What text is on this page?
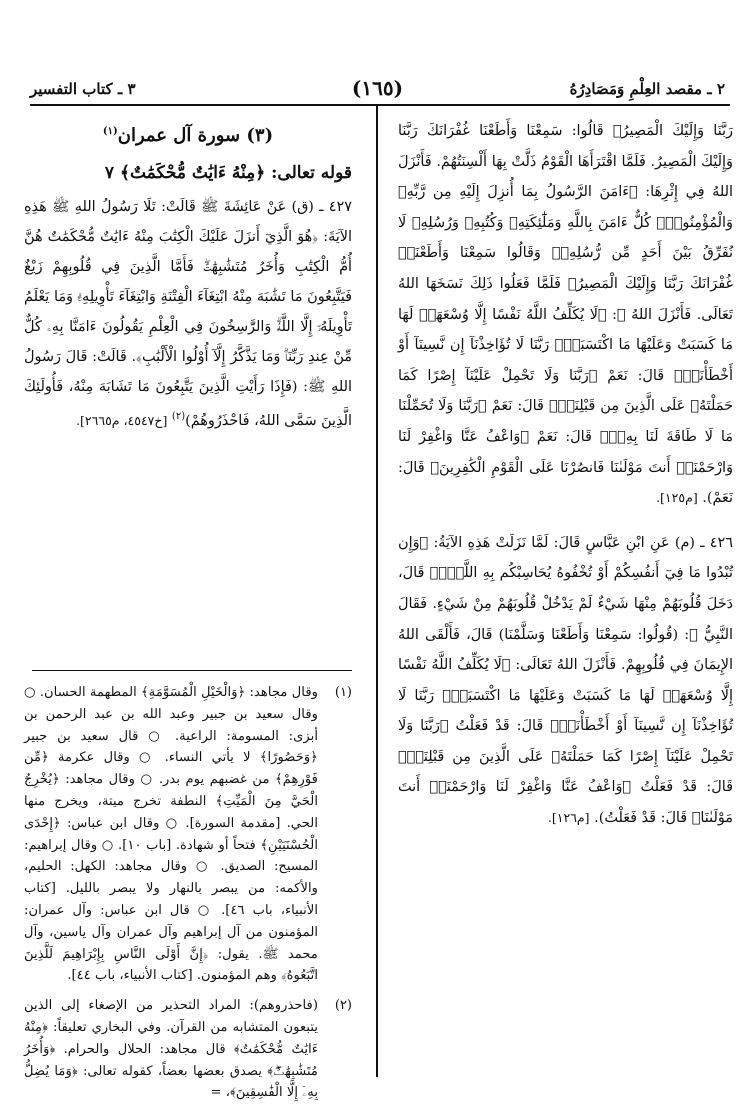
٢ ـ مقصد العِلْمِ وَمَصَادِرُهُ
(١٦٥)
٣ ـ كتاب التفسير

رَبَّنَا وَإِلَيْكَ الْمَصِيرُ﴾ قَالُوا: سَمِعْنَا وَأَطَعْنَا غُفْرَانَكَ رَبَّنَا وَإِلَيْكَ الْمَصِيرُ. فَلَمَّا اقْتَرَأَهَا الْقَوْمُ ذَلَّتْ بِهَا أَلْسِنَتُهُمْ. فَأَنْزَلَ اللهُ فِي إِثْرِهَا: ﴿ءَامَنَ الرَّسُولُ بِمَا أُنزِلَ إِلَيْهِ مِن رَّبِّهِۦ وَالْمُؤْمِنُونَۚ كُلٌّ ءَامَنَ بِاللَّهِ وَمَلَٰٓئِكَتِهِۦ وَكُتُبِهِۦ وَرُسُلِهِۦ لَا نُفَرِّقُ بَيْنَ أَحَدٍ مِّن رُّسُلِهِۦۚ وَقَالُوا سَمِعْنَا وَأَطَعْنَاۖ غُفْرَانَكَ رَبَّنَا وَإِلَيْكَ الْمَصِيرُ﴾ فَلَمَّا فَعَلُوا ذَلِكَ نَسَخَهَا اللهُ تَعَالَى. فَأَنْزَلَ اللهُ ﷺ: ﴿لَا يُكَلِّفُ اللَّهُ نَفْسًا إِلَّا وُسْعَهَاۚ لَهَا مَا كَسَبَتْ وَعَلَيْهَا مَا اكْتَسَبَتْۗ رَبَّنَا لَا تُؤَاخِذْنَآ إِن نَّسِينَآ أَوْ أَخْطَأْنَاۚ﴾ قَالَ: نَعَمْ ﴿رَبَّنَا وَلَا تَحْمِلْ عَلَيْنَآ إِصْرًا كَمَا حَمَلْتَهُۥ عَلَى الَّذِينَ مِن قَبْلِنَاۚ﴾ قَالَ: نَعَمْ ﴿رَبَّنَا وَلَا تُحَمِّلْنَا مَا لَا طَاقَةَ لَنَا بِهِۦۖ﴾ قَالَ: نَعَمْ ﴿وَاعْفُ عَنَّا وَاغْفِرْ لَنَا وَارْحَمْنَآۚ أَنتَ مَوْلَىٰنَا فَانصُرْنَا عَلَى الْقَوْمِ الْكَٰفِرِينَ﴾ قَالَ: نَعَمْ). [م١٢٥].

٤٢٦ ـ (م) عَنِ ابْنِ عَبَّاسٍ قَالَ: لَمَّا نَزَلَتْ هَذِهِ الآيَةُ: ﴿وَإِن تُبْدُوا مَا فِيٓ أَنفُسِكُمْ أَوْ تُخْفُوهُ يُحَاسِبْكُم بِهِ اللَّهُۖ﴾ قَالَ، دَخَلَ قُلُوبَهُمْ مِنْهَا شَيْءٌ لَمْ يَدْخُلْ قُلُوبَهُمْ مِنْ شَيْءٍ. فَقَالَ النَّبِيُّ ﷺ: (قُولُوا: سَمِعْنَا وَأَطَعْنَا وَسَلَّمْنَا) قَالَ، فَأَلْقَى اللهُ الإِيمَانَ فِي قُلُوبِهِمْ. فَأَنْزَلَ اللهُ تَعَالَى: ﴿لَا يُكَلِّفُ اللَّهُ نَفْسًا إِلَّا وُسْعَهَاۚ لَهَا مَا كَسَبَتْ وَعَلَيْهَا مَا اكْتَسَبَتْۗ رَبَّنَا لَا تُؤَاخِذْنَآ إِن نَّسِينَآ أَوْ أَخْطَأْنَاۚ﴾ قَالَ: قَدْ فَعَلْتُ ﴿رَبَّنَا وَلَا تَحْمِلْ عَلَيْنَآ إِصْرًا كَمَا حَمَلْتَهُۥ عَلَى الَّذِينَ مِن قَبْلِنَاۚ﴾ قَالَ: قَدْ فَعَلْتُ ﴿وَاعْفُ عَنَّا وَاغْفِرْ لَنَا وَارْحَمْنَآۚ أَنتَ مَوْلَىٰنَا﴾ قَالَ: قَدْ فَعَلْتُ). [م١٢٦].

(٣) سورة آل عمران$^{(١)}$

قوله تعالى: ﴿مِنْهُ ءَايَٰتٌ مُّحْكَمَٰتٌ﴾ ٧

٤٢٧ ـ (ق) عَنْ عَائِشَةَ ﷺ قَالَتْ: تَلَا رَسُولُ اللهِ ﷺ هَذِهِ الآيَةَ: ﴿هُوَ الَّذِيٓ أَنزَلَ عَلَيْكَ الْكِتَٰبَ مِنْهُ ءَايَٰتٌ مُّحْكَمَٰتٌ هُنَّ أُمُّ الْكِتَٰبِ وَأُخَرُ مُتَشَٰبِهَٰتٌۖ فَأَمَّا الَّذِينَ فِي قُلُوبِهِمْ زَيْغٌ فَيَتَّبِعُونَ مَا تَشَٰبَهَ مِنْهُ ابْتِغَآءَ الْفِتْنَةِ وَابْتِغَآءَ تَأْوِيلِهِۦۗ وَمَا يَعْلَمُ تَأْوِيلَهُۥٓ إِلَّا اللَّهُۗ وَالرَّٰسِخُونَ فِي الْعِلْمِ يَقُولُونَ ءَامَنَّا بِهِۦ كُلٌّ مِّنْ عِندِ رَبِّنَاۗ وَمَا يَذَّكَّرُ إِلَّآ أُوْلُوا الْأَلْبَٰبِ﴾. قَالَتْ: قَالَ رَسُولُ اللهِ ﷺ: (فَإِذَا رَأَيْتِ الَّذِينَ يَتَّبِعُونَ مَا تَشَابَهَ مِنْهُ، فَأُولَئِكَ الَّذِينَ سَمَّى اللهُ، فَاحْذَرُوهُمْ)$^{(٢)}$ [خ٤٥٤٧، م٢٦٦٥].

(١)
وقال مجاهد: ﴿وَالْخَيْلِ الْمُسَوَّمَةِ﴾ المطهمة الحسان. ○ وقال سعيد بن جبير وعبد الله بن عبد الرحمن بن أبزى: المسومة: الراعية. ○ قال سعيد بن جبير ﴿وَحَصُورًا﴾ لا يأتي النساء. ○ وقال عكرمة ﴿مِّن فَوْرِهِمْ﴾ من غضبهم يوم بدر. ○ وقال مجاهد: ﴿يُخْرِجُ الْحَيَّ مِنَ الْمَيِّتِ﴾ النطفة تخرج ميتة، ويخرج منها الحي. [مقدمة السورة]. ○ وقال ابن عباس: ﴿إِحْدَى الْحُسْنَيَيْنِ﴾ فتحاً أو شهادة. [باب ١٠]. ○ وقال إبراهيم: المسيح: الصديق. ○ وقال مجاهد: الكهل: الحليم، والأكمه: من يبصر بالنهار ولا يبصر بالليل. [كتاب الأنبياء، باب ٤٦]. ○ قال ابن عباس: وآل عمران: المؤمنون من آل إبراهيم وآل عمران وآل ياسين، وآل محمد ﷺ. يقول: ﴿إِنَّ أَوْلَى النَّاسِ بِإِبْرَاهِيمَ لَلَّذِينَ اتَّبَعُوهُ﴾ وهم المؤمنون. [كتاب الأنبياء، باب ٤٤].
(٢)
(فاحذروهم): المراد التحذير من الإصغاء إلى الذين يتبعون المتشابه من القرآن. وفي البخاري تعليقاً: ﴿مِنْهُ ءَايَٰتٌ مُّحْكَمَٰتٌ﴾ قال مجاهد: الحلال والحرام. ﴿وَأُخَرُ مُتَشَٰبِهَٰتٌۖ﴾ يصدق بعضها بعضاً، كقوله تعالى: ﴿وَمَا يُضِلُّ بِهِۦٓ إِلَّا الْفَٰسِقِينَ﴾، =
